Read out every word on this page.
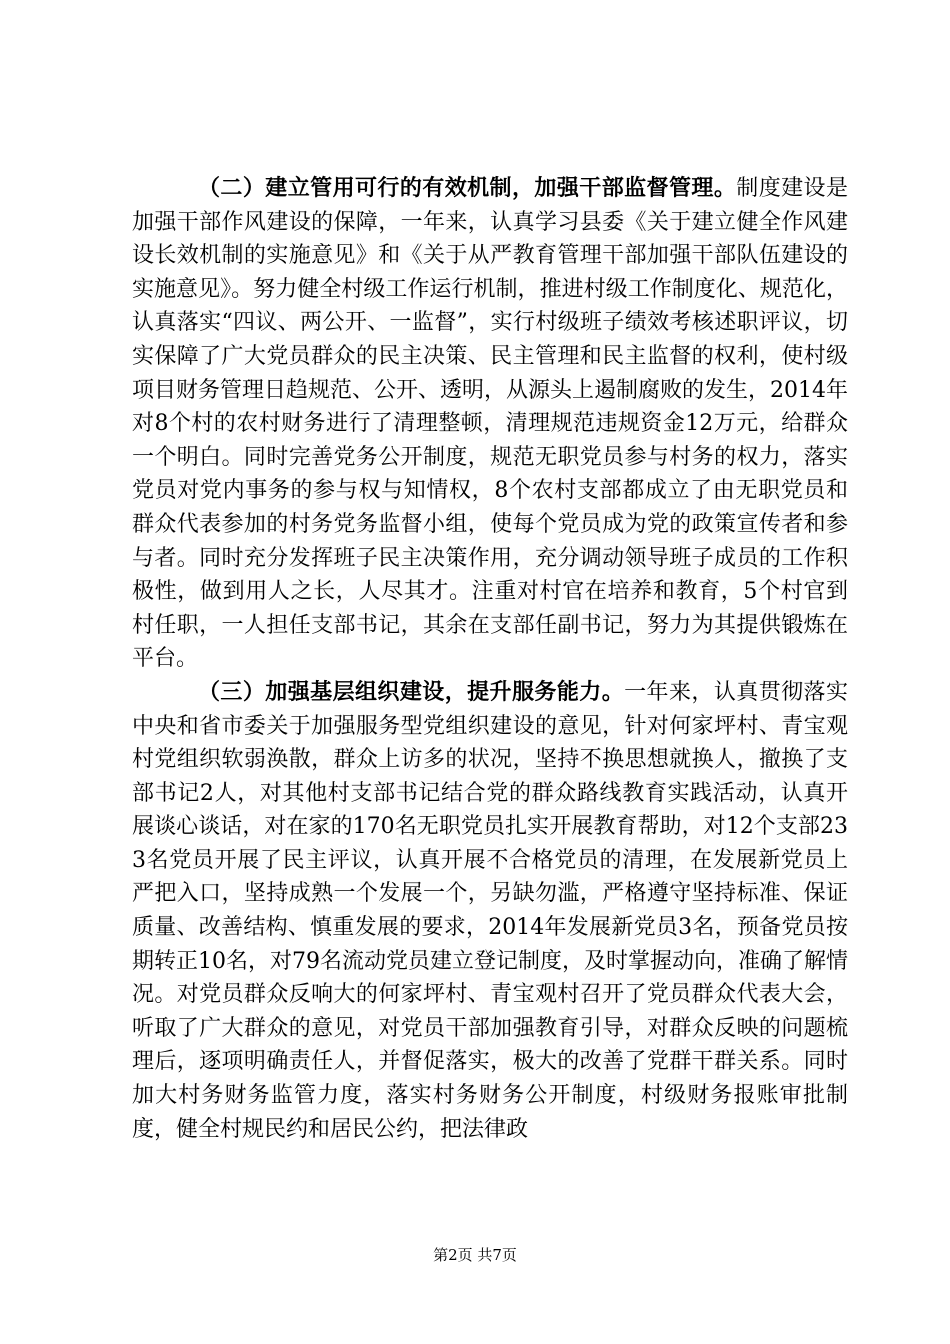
（二）建立管用可行的有效机制，加强干部监督管理。制度建设是加强干部作风建设的保障，一年来，认真学习县委《关于建立健全作风建设长效机制的实施意见》和《关于从严教育管理干部加强干部队伍建设的实施意见》。努力健全村级工作运行机制，推进村级工作制度化、规范化，认真落实“四议、两公开、一监督”，实行村级班子绩效考核述职评议，切实保障了广大党员群众的民主决策、民主管理和民主监督的权利，使村级项目财务管理日趋规范、公开、透明，从源头上遏制腐败的发生，2014年对8个村的农村财务进行了清理整顿，清理规范违规资金12万元，给群众一个明白。同时完善党务公开制度，规范无职党员参与村务的权力，落实党员对党内事务的参与权与知情权，8个农村支部都成立了由无职党员和群众代表参加的村务党务监督小组，使每个党员成为党的政策宣传者和参与者。同时充分发挥班子民主决策作用，充分调动领导班子成员的工作积极性，做到用人之长，人尽其才。注重对村官在培养和教育，5个村官到村任职，一人担任支部书记，其余在支部任副书记，努力为其提供锻炼在平台。

（三）加强基层组织建设，提升服务能力。一年来，认真贯彻落实中央和省市委关于加强服务型党组织建设的意见，针对何家坪村、青宝观村党组织软弱涣散，群众上访多的状况，坚持不换思想就换人，撤换了支部书记2人，对其他村支部书记结合党的群众路线教育实践活动，认真开展谈心谈话，对在家的170名无职党员扎实开展教育帮助，对12个支部233名党员开展了民主评议，认真开展不合格党员的清理，在发展新党员上严把入口，坚持成熟一个发展一个，另缺勿滥，严格遵守坚持标准、保证质量、改善结构、慎重发展的要求，2014年发展新党员3名，预备党员按期转正10名，对79名流动党员建立登记制度，及时掌握动向，准确了解情况。对党员群众反响大的何家坪村、青宝观村召开了党员群众代表大会，听取了广大群众的意见，对党员干部加强教育引导，对群众反映的问题梳理后，逐项明确责任人，并督促落实，极大的改善了党群干群关系。同时加大村务财务监管力度，落实村务财务公开制度，村级财务报账审批制度，健全村规民约和居民公约，把法律政

第2页 共7页
